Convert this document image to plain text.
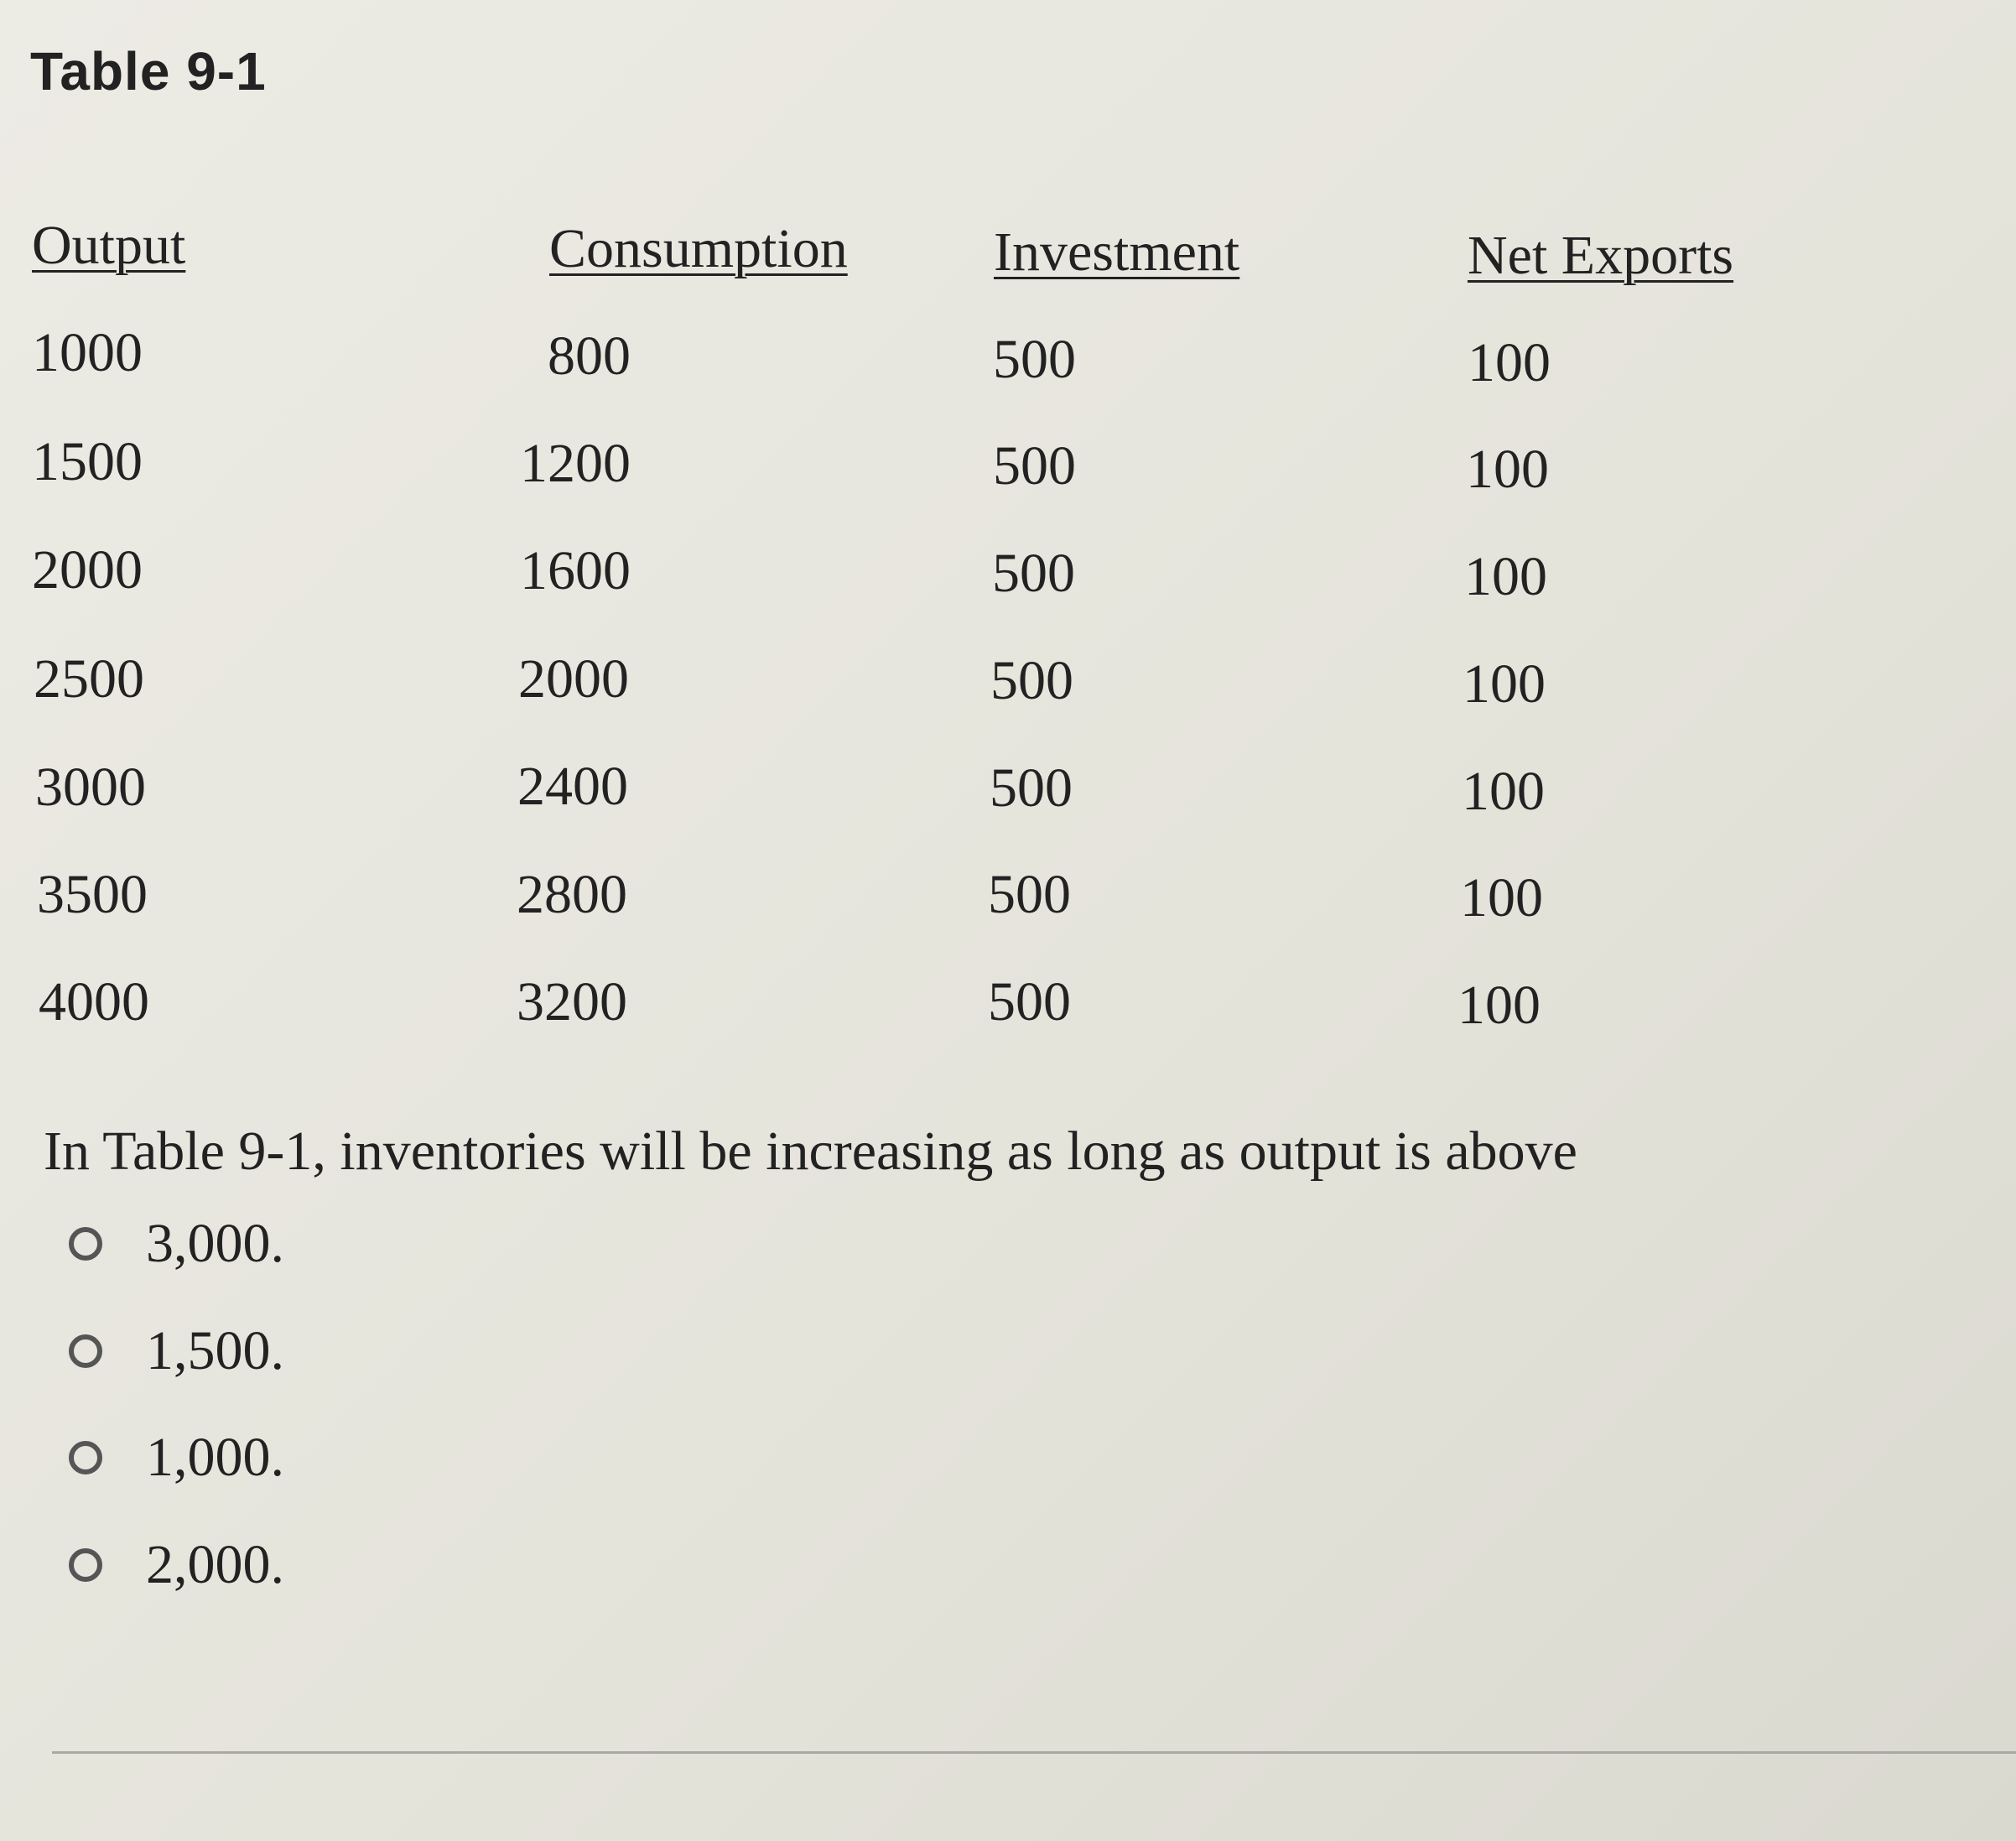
Table 9-1
Output	Consumption	Investment	Net Exports
1000	800	500	100
1500	1200	500	100
2000	1600	500	100
2500	2000	500	100
3000	2400	500	100
3500	2800	500	100
4000	3200	500	100
In Table 9-1, inventories will be increasing as long as output is above
3,000.
1,500.
1,000.
2,000.
